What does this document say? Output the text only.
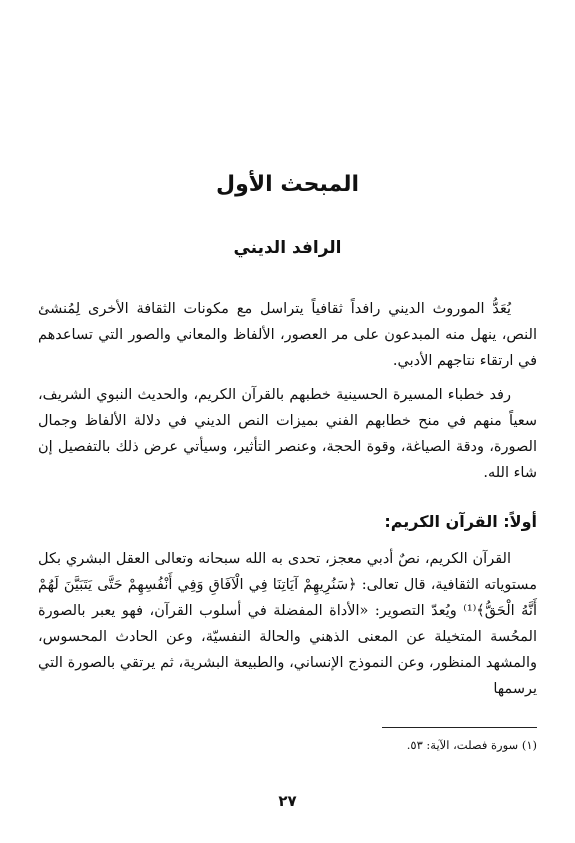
المبحث الأول
الرافد الديني
يُعَدُّ الموروث الديني رافداً ثقافياً يتراسل مع مكونات الثقافة الأخرى لِمُنشئ النص، ينهل منه المبدعون على مر العصور، الألفاظ والمعاني والصور التي تساعدهم في ارتقاء نتاجهم الأدبي.
رفد خطباء المسيرة الحسينية خطبهم بالقرآن الكريم، والحديث النبوي الشريف، سعياً منهم في منح خطابهم الفني بميزات النص الديني في دلالة الألفاظ وجمال الصورة، ودقة الصياغة، وقوة الحجة، وعنصر التأثير، وسيأتي عرض ذلك بالتفصيل إن شاء الله.
أولاً: القرآن الكريم:
القرآن الكريم، نصٌ أدبي معجز، تحدى به الله سبحانه وتعالى العقل البشري بكل مستوياته الثقافية، قال تعالى: ﴿سَنُرِيهِمْ آيَاتِنَا فِي الْآفَاقِ وَفِي أَنْفُسِهِمْ حَتَّى يَتَبَيَّنَ لَهُمْ أَنَّهُ الْحَقُّ﴾⁽¹⁾ ويُعدّ التصوير: «الأداة المفضلة في أسلوب القرآن، فهو يعبر بالصورة المحُسة المتخيلة عن المعنى الذهني والحالة النفسيّة، وعن الحادث المحسوس، والمشهد المنظور، وعن النموذج الإنساني، والطبيعة البشرية، ثم يرتقي بالصورة التي يرسمها
(١) سورة فصلت، الآية: ٥٣.
٢٧
